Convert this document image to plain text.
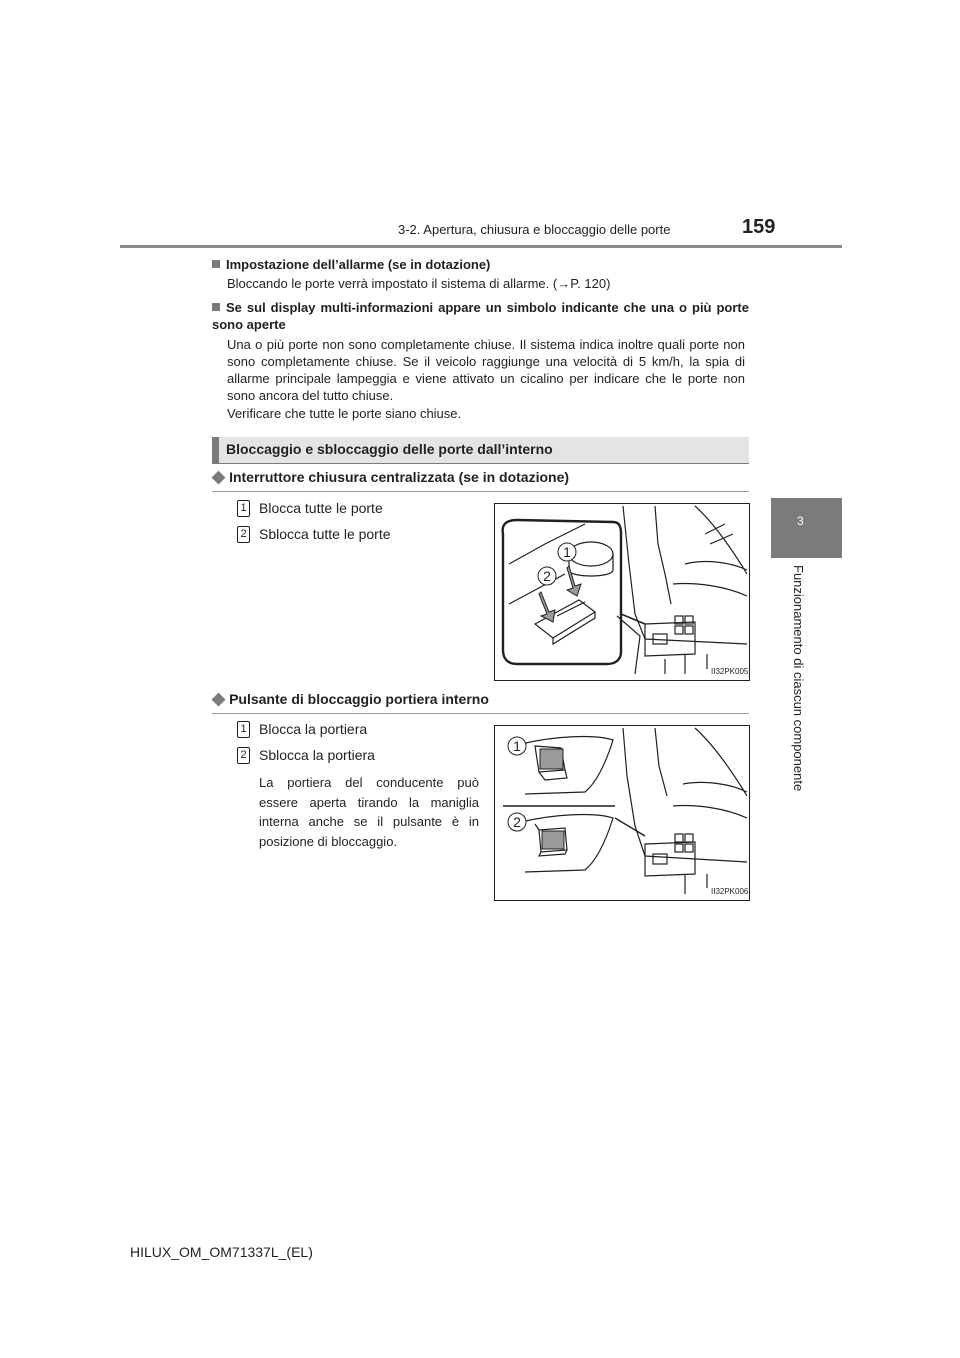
3-2. Apertura, chiusura e bloccaggio delle porte	159
3
Funzionamento di ciascun componente
Impostazione dell’allarme (se in dotazione)
Bloccando le porte verrà impostato il sistema di allarme. (→P. 120)
Se sul display multi-informazioni appare un simbolo indicante che una o più porte sono aperte
Una o più porte non sono completamente chiuse. Il sistema indica inoltre quali porte non sono completamente chiuse. Se il veicolo raggiunge una velocità di 5 km/h, la spia di allarme principale lampeggia e viene attivato un cicalino per indicare che le porte non sono ancora del tutto chiuse.
Verificare che tutte le porte siano chiuse.
Bloccaggio e sbloccaggio delle porte dall’interno
◆ Interruttore chiusura centralizzata (se in dotazione)
1 Blocca tutte le porte
2 Sblocca tutte le porte
1
2
II32PK005
◆ Pulsante di bloccaggio portiera interno
1 Blocca la portiera
2 Sblocca la portiera
La portiera del conducente può essere aperta tirando la maniglia interna anche se il pulsante è in posizione di bloccaggio.
1
2
II32PK006
HILUX_OM_OM71337L_(EL)
